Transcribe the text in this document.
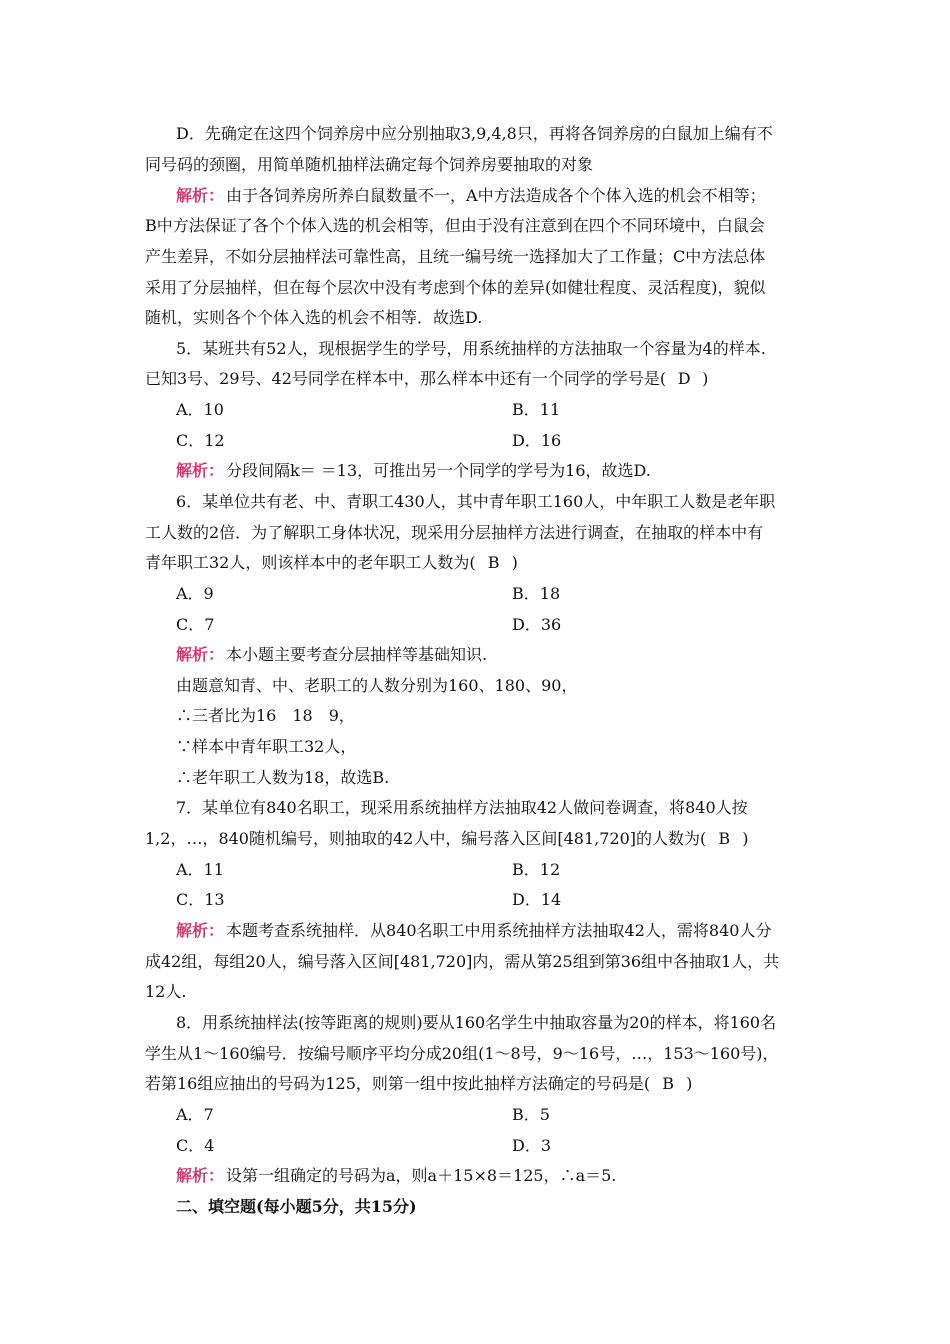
D．先确定在这四个饲养房中应分别抽取3,9,4,8只，再将各饲养房的白鼠加上编有不
同号码的颈圈，用简单随机抽样法确定每个饲养房要抽取的对象
解析： 由于各饲养房所养白鼠数量不一，A中方法造成各个个体入选的机会不相等；
B中方法保证了各个个体入选的机会相等，但由于没有注意到在四个不同环境中，白鼠会
产生差异，不如分层抽样法可靠性高，且统一编号统一选择加大了工作量；C中方法总体
采用了分层抽样，但在每个层次中没有考虑到个体的差异(如健壮程度、灵活程度)，貌似
随机，实则各个个体入选的机会不相等．故选D.
5．某班共有52人，现根据学生的学号，用系统抽样的方法抽取一个容量为4的样本.
已知3号、29号、42号同学在样本中，那么样本中还有一个同学的学号是( D )
A．10	B．11
C．12	D．16
解析： 分段间隔k＝ ＝13，可推出另一个同学的学号为16，故选D.
6．某单位共有老、中、青职工430人，其中青年职工160人，中年职工人数是老年职
工人数的2倍．为了解职工身体状况，现采用分层抽样方法进行调查，在抽取的样本中有
青年职工32人，则该样本中的老年职工人数为( B )
A．9	B．18
C．7	D．36
解析： 本小题主要考查分层抽样等基础知识.
由题意知青、中、老职工的人数分别为160、180、90，
∴三者比为16　18　9，
∵样本中青年职工32人，
∴老年职工人数为18，故选B.
7．某单位有840名职工，现采用系统抽样方法抽取42人做问卷调查，将840人按
1,2，…，840随机编号，则抽取的42人中，编号落入区间[481,720]的人数为( B )
A．11	B．12
C．13	D．14
解析： 本题考查系统抽样．从840名职工中用系统抽样方法抽取42人，需将840人分
成42组，每组20人，编号落入区间[481,720]内，需从第25组到第36组中各抽取1人，共
12人.
8．用系统抽样法(按等距离的规则)要从160名学生中抽取容量为20的样本，将160名
学生从1～160编号．按编号顺序平均分成20组(1～8号，9～16号，…，153～160号)，
若第16组应抽出的号码为125，则第一组中按此抽样方法确定的号码是( B )
A．7	B．5
C．4	D．3
解析： 设第一组确定的号码为a，则a＋15×8＝125，∴a＝5.
二、填空题(每小题5分，共15分)
